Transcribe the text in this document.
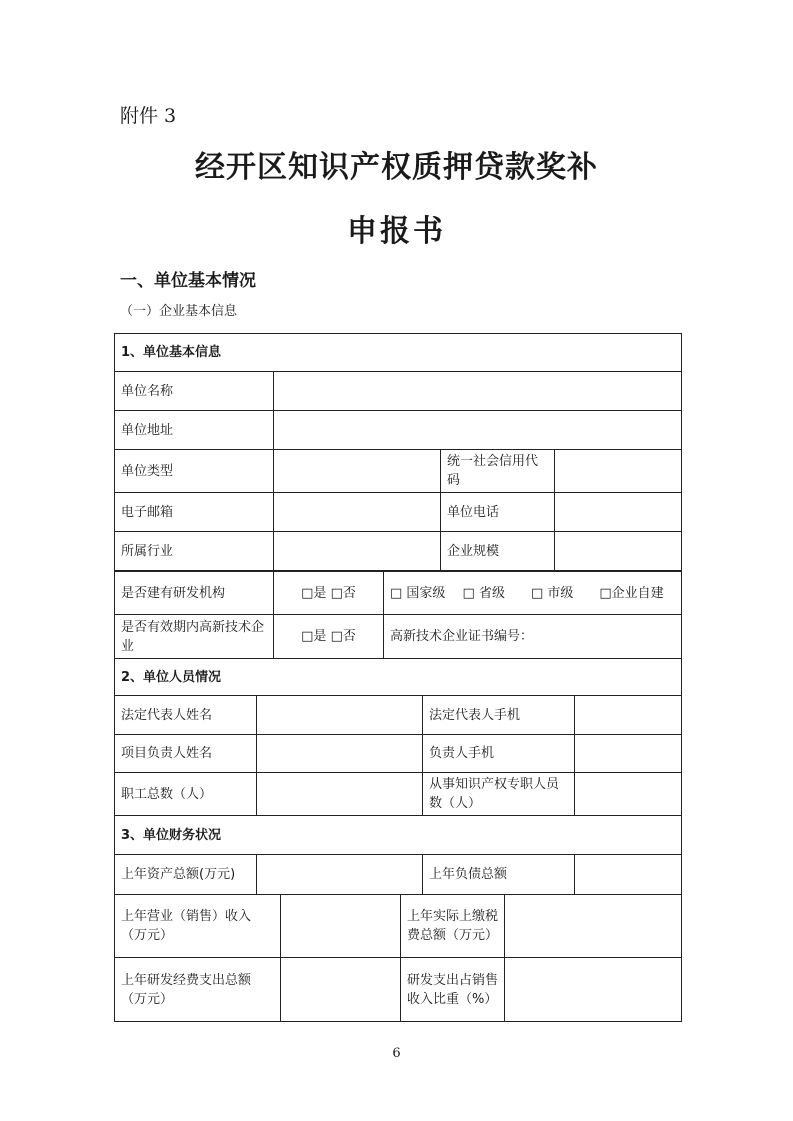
附件 3
经开区知识产权质押贷款奖补
申报书
一、单位基本情况
（一）企业基本信息
1、单位基本信息			
单位名称			
单位地址			
单位类型		统一社会信用代码	
电子邮箱		单位电话	
所属行业		企业规模	
是否建有研发机构	□是 □否	□ 国家级　 □ 省级　　□ 市级　　□企业自建
是否有效期内高新技术企业	□是 □否	高新技术企业证书编号：
2、单位人员情况			
法定代表人姓名		法定代表人手机	
项目负责人姓名		负责人手机	
职工总数（人）		从事知识产权专职人员数（人）	
3、单位财务状况			
上年资产总额(万元)		上年负债总额	
上年营业（销售）收入（万元）		上年实际上缴税费总额（万元）	
上年研发经费支出总额（万元）		研发支出占销售收入比重（%）	
6
